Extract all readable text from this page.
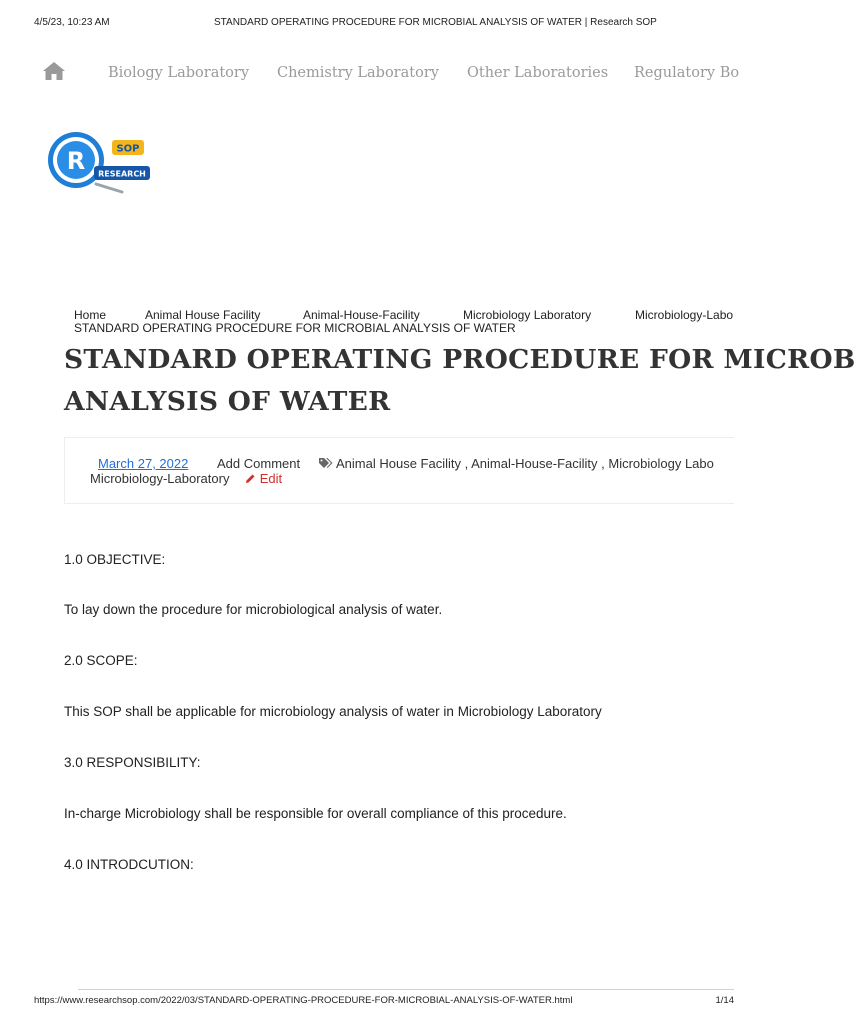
4/5/23, 10:23 AM	STANDARD OPERATING PROCEDURE FOR MICROBIAL ANALYSIS OF WATER | Research SOP
Biology Laboratory Chemistry Laboratory Other Laboratories Regulatory Bo
R RESEARCH
SOP
Home	Animal House Facility	Animal-House-Facility	Microbiology Laboratory	Microbiology-Labo
STANDARD OPERATING PROCEDURE FOR MICROBIAL ANALYSIS OF WATER
STANDARD OPERATING PROCEDURE FOR MICROB
ANALYSIS OF WATER
March 27, 2022 Add Comment	Animal House Facility , Animal-House-Facility , Microbiology Labo
Microbiology-Laboratory Edit

1.0 OBJECTIVE:

To lay down the procedure for microbiological analysis of water.

2.0 SCOPE:

This SOP shall be applicable for microbiology analysis of water in Microbiology Laboratory

3.0 RESPONSIBILITY:

In-charge Microbiology shall be responsible for overall compliance of this procedure.

4.0 INTRODCUTION:

https://www.researchsop.com/2022/03/STANDARD-OPERATING-PROCEDURE-FOR-MICROBIAL-ANALYSIS-OF-WATER.html	1/14
